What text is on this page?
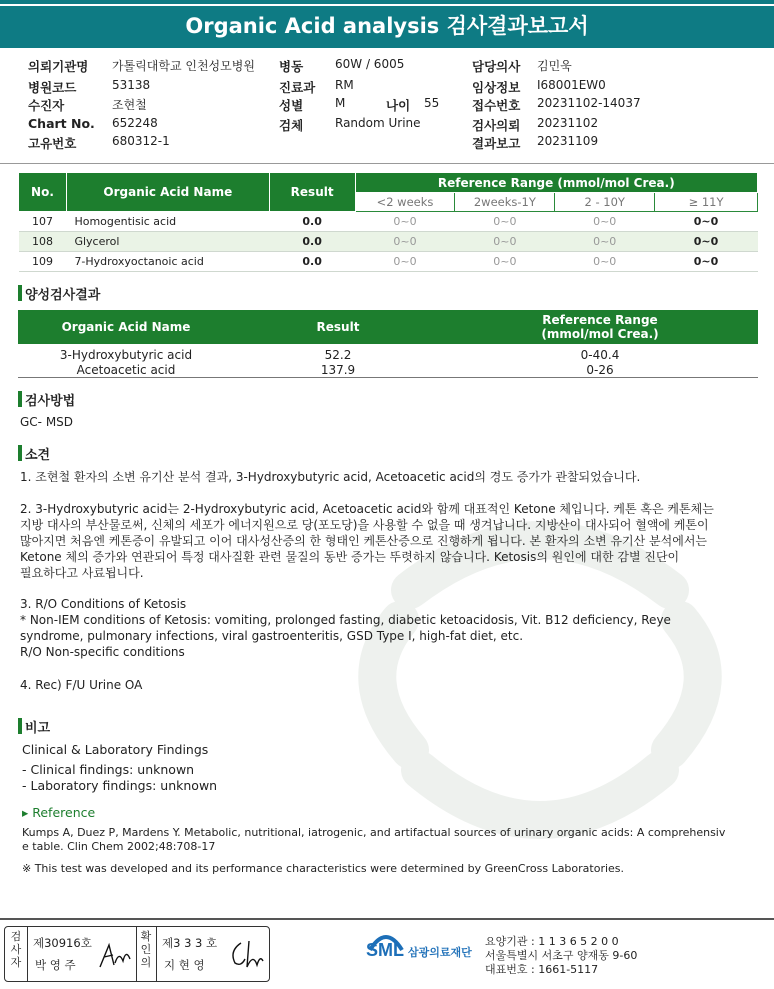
Organic Acid analysis 검사결과보고서
의뢰기관명 가톨릭대학교 인천성모병원
병원코드	53138
수진자	조현철
Chart No. 652248
고유번호	680312-1
병동	60W / 6005
진료과 RM
성별	M	나이 55
검체	Random Urine
담당의사 김민욱
임상정보 I68001EW0
접수번호 20231102-14037
검사의뢰 20231102
결과보고 20231109
No.	Organic Acid Name	Result	Reference Range (mmol/mol Crea.)			
			<2 weeks	2weeks-1Y	2 - 10Y	≥ 11Y
107	Homogentisic acid	0.0	0~0	0~0	0~0	0~0
108	Glycerol	0.0	0~0	0~0	0~0	0~0
109	7-Hydroxyoctanoic acid	0.0	0~0	0~0	0~0	0~0
양성검사결과
Organic Acid Name	Result	Reference Range
(mmol/mol Crea.)

3-Hydroxybutyric acid	52.2	0-40.4
Acetoacetic acid	137.9	0-26
검사방법
GC- MSD
소견
1. 조현철 환자의 소변 유기산 분석 결과, 3-Hydroxybutyric acid, Acetoacetic acid의 경도 증가가 관찰되었습니다.
2. 3-Hydroxybutyric acid는 2-Hydroxybutyric acid, Acetoacetic acid와 함께 대표적인 Ketone 체입니다. 케톤 혹은 케톤체는
지방 대사의 부산물로써, 신체의 세포가 에너지원으로 당(포도당)을 사용할 수 없을 때 생겨납니다. 지방산이 대사되어 혈액에 케톤이
많아지면 처음엔 케톤증이 유발되고 이어 대사성산증의 한 형태인 케톤산증으로 진행하게 됩니다. 본 환자의 소변 유기산 분석에서는
Ketone 체의 증가와 연관되어 특정 대사질환 관련 물질의 동반 증가는 뚜렷하지 않습니다. Ketosis의 원인에 대한 감별 진단이
필요하다고 사료됩니다.
3. R/O Conditions of Ketosis
* Non-IEM conditions of Ketosis: vomiting, prolonged fasting, diabetic ketoacidosis, Vit. B12 deficiency, Reye
syndrome, pulmonary infections, viral gastroenteritis, GSD Type I, high-fat diet, etc.
R/O Non-specific conditions
4. Rec) F/U Urine OA
비고
Clinical & Laboratory Findings
- Clinical findings: unknown
- Laboratory findings: unknown
▸ Reference
Kumps A, Duez P, Mardens Y. Metabolic, nutritional, iatrogenic, and artifactual sources of urinary organic acids: A comprehensiv
e table. Clin Chem 2002;48:708-17
※ This test was developed and its performance characteristics were determined by GreenCross Laboratories.
검사자
제30916호
박 영 주
확인의
제3 3 3 호
지 현 영
SML 삼광의료재단
요양기관 : 1 1 3 6 5 2 0 0
서울특별시 서초구 양재동 9-60
대표번호 : 1661-5117
